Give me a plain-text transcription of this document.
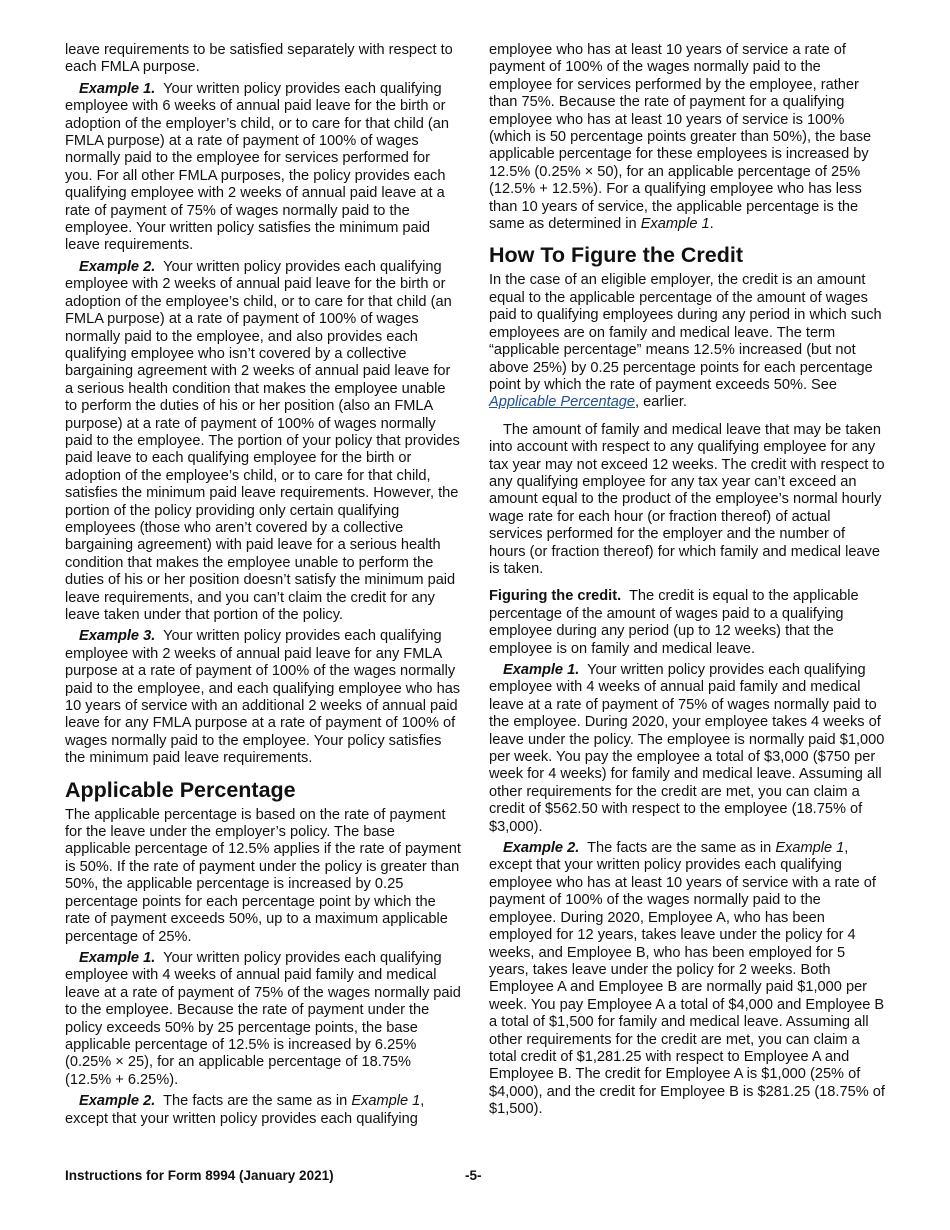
leave requirements to be satisfied separately with respect to each FMLA purpose.

Example 1. Your written policy provides each qualifying employee with 6 weeks of annual paid leave for the birth or adoption of the employer’s child, or to care for that child (an FMLA purpose) at a rate of payment of 100% of wages normally paid to the employee for services performed for you. For all other FMLA purposes, the policy provides each qualifying employee with 2 weeks of annual paid leave at a rate of payment of 75% of wages normally paid to the employee. Your written policy satisfies the minimum paid leave requirements.

Example 2. Your written policy provides each qualifying employee with 2 weeks of annual paid leave for the birth or adoption of the employee’s child, or to care for that child (an FMLA purpose) at a rate of payment of 100% of wages normally paid to the employee, and also provides each qualifying employee who isn’t covered by a collective bargaining agreement with 2 weeks of annual paid leave for a serious health condition that makes the employee unable to perform the duties of his or her position (also an FMLA purpose) at a rate of payment of 100% of wages normally paid to the employee. The portion of your policy that provides paid leave to each qualifying employee for the birth or adoption of the employee’s child, or to care for that child, satisfies the minimum paid leave requirements. However, the portion of the policy providing only certain qualifying employees (those who aren’t covered by a collective bargaining agreement) with paid leave for a serious health condition that makes the employee unable to perform the duties of his or her position doesn’t satisfy the minimum paid leave requirements, and you can’t claim the credit for any leave taken under that portion of the policy.

Example 3. Your written policy provides each qualifying employee with 2 weeks of annual paid leave for any FMLA purpose at a rate of payment of 100% of the wages normally paid to the employee, and each qualifying employee who has 10 years of service with an additional 2 weeks of annual paid leave for any FMLA purpose at a rate of payment of 100% of wages normally paid to the employee. Your policy satisfies the minimum paid leave requirements.

Applicable Percentage

The applicable percentage is based on the rate of payment for the leave under the employer’s policy. The base applicable percentage of 12.5% applies if the rate of payment is 50%. If the rate of payment under the policy is greater than 50%, the applicable percentage is increased by 0.25 percentage points for each percentage point by which the rate of payment exceeds 50%, up to a maximum applicable percentage of 25%.

Example 1. Your written policy provides each qualifying employee with 4 weeks of annual paid family and medical leave at a rate of payment of 75% of the wages normally paid to the employee. Because the rate of payment under the policy exceeds 50% by 25 percentage points, the base applicable percentage of 12.5% is increased by 6.25% (0.25% × 25), for an applicable percentage of 18.75% (12.5% + 6.25%).

Example 2. The facts are the same as in Example 1, except that your written policy provides each qualifying

employee who has at least 10 years of service a rate of payment of 100% of the wages normally paid to the employee for services performed by the employee, rather than 75%. Because the rate of payment for a qualifying employee who has at least 10 years of service is 100% (which is 50 percentage points greater than 50%), the base applicable percentage for these employees is increased by 12.5% (0.25% × 50), for an applicable percentage of 25% (12.5% + 12.5%). For a qualifying employee who has less than 10 years of service, the applicable percentage is the same as determined in Example 1.

How To Figure the Credit

In the case of an eligible employer, the credit is an amount equal to the applicable percentage of the amount of wages paid to qualifying employees during any period in which such employees are on family and medical leave. The term “applicable percentage” means 12.5% increased (but not above 25%) by 0.25 percentage points for each percentage point by which the rate of payment exceeds 50%. See Applicable Percentage, earlier.

The amount of family and medical leave that may be taken into account with respect to any qualifying employee for any tax year may not exceed 12 weeks. The credit with respect to any qualifying employee for any tax year can’t exceed an amount equal to the product of the employee’s normal hourly wage rate for each hour (or fraction thereof) of actual services performed for the employer and the number of hours (or fraction thereof) for which family and medical leave is taken.

Figuring the credit. The credit is equal to the applicable percentage of the amount of wages paid to a qualifying employee during any period (up to 12 weeks) that the employee is on family and medical leave.

Example 1. Your written policy provides each qualifying employee with 4 weeks of annual paid family and medical leave at a rate of payment of 75% of wages normally paid to the employee. During 2020, your employee takes 4 weeks of leave under the policy. The employee is normally paid $1,000 per week. You pay the employee a total of $3,000 ($750 per week for 4 weeks) for family and medical leave. Assuming all other requirements for the credit are met, you can claim a credit of $562.50 with respect to the employee (18.75% of $3,000).

Example 2. The facts are the same as in Example 1, except that your written policy provides each qualifying employee who has at least 10 years of service with a rate of payment of 100% of the wages normally paid to the employee. During 2020, Employee A, who has been employed for 12 years, takes leave under the policy for 4 weeks, and Employee B, who has been employed for 5 years, takes leave under the policy for 2 weeks. Both Employee A and Employee B are normally paid $1,000 per week. You pay Employee A a total of $4,000 and Employee B a total of $1,500 for family and medical leave. Assuming all other requirements for the credit are met, you can claim a total credit of $1,281.25 with respect to Employee A and Employee B. The credit for Employee A is $1,000 (25% of $4,000), and the credit for Employee B is $281.25 (18.75% of $1,500).

Instructions for Form 8994 (January 2021)	-5-
